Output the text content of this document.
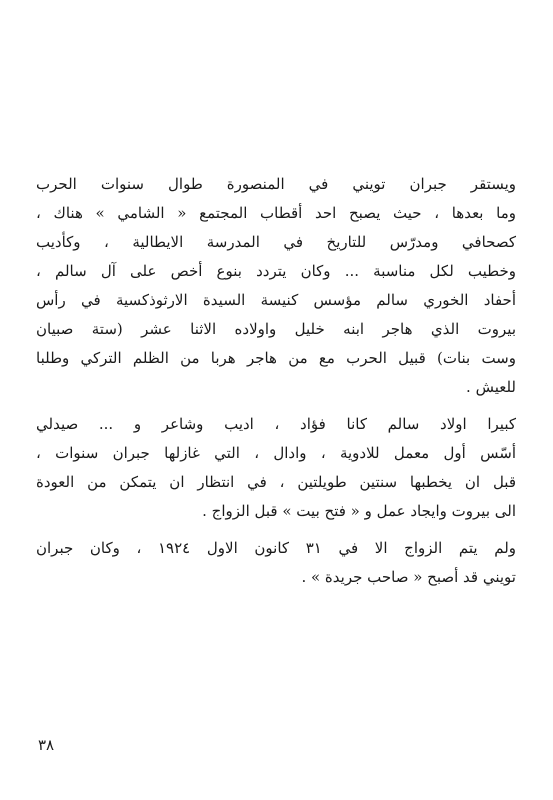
ويستقر جبران تويني في المنصورة طوال سنوات الحرب
وما بعدها ، حيث يصبح احد أقطاب المجتمع « الشامي » هناك ،
كصحافي ومدرّس للتاريخ في المدرسة الايطالية ، وكأديب
وخطيب لكل مناسبة ... وكان يتردد بنوع أخص على آل سالم ،
أحفاد الخوري سالم مؤسس كنيسة السيدة الارثوذكسية في رأس
بيروت الذي هاجر ابنه خليل واولاده الاثنا عشر (ستة صبيان
وست بنات) قبيل الحرب مع من هاجر هربا من الظلم التركي وطلبا
للعيش .

كبيرا اولاد سالم كانا فؤاد ، اديب وشاعر و ... صيدلي
أسّس أول معمل للادوية ، وادال ، التي غازلها جبران سنوات ،
قبل ان يخطبها سنتين طويلتين ، في انتظار ان يتمكن من العودة
الى بيروت وايجاد عمل و « فتح بيت » قبل الزواج .

ولم يتم الزواج الا في ٣١ كانون الاول ١٩٢٤ ، وكان جبران
تويني قد أصبح « صاحب جريدة » .

٣٨
